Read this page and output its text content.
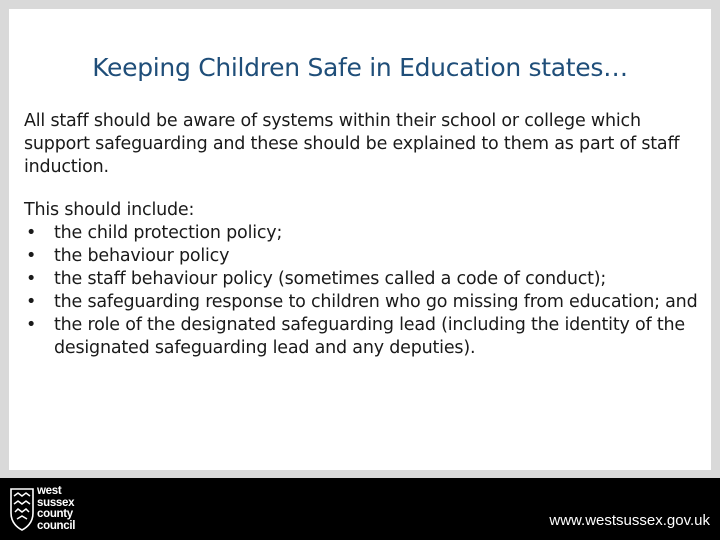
Keeping Children Safe in Education states…

All staff should be aware of systems within their school or college which support safeguarding and these should be explained to them as part of staff induction.

This should include:

• the child protection policy;
• the behaviour policy
• the staff behaviour policy (sometimes called a code of conduct);
• the safeguarding response to children who go missing from education; and
• the role of the designated safeguarding lead (including the identity of the designated safeguarding lead and any deputies).
west
sussex
county
council	www.westsussex.gov.uk
